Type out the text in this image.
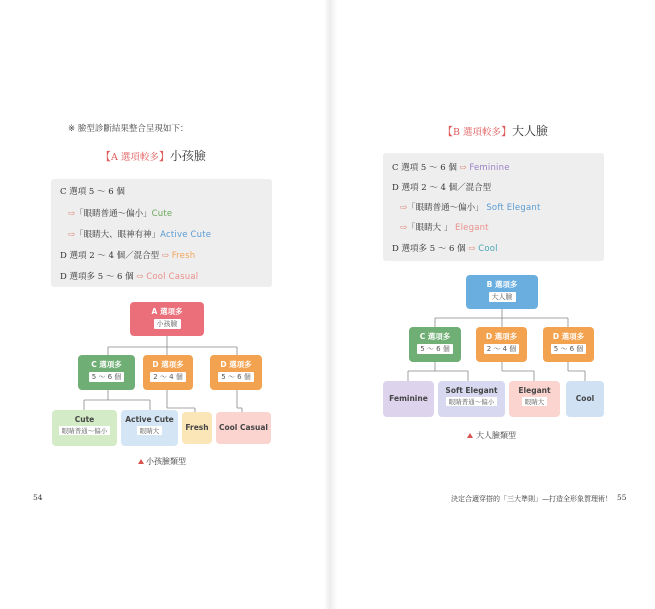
※ 臉型診斷結果整合呈現如下：
【A 選項較多】小孩臉
C 選項 5 ～ 6 個
⇨「眼睛普通～偏小」Cute
⇨「眼睛大、眼神有神」Active Cute
D 選項 2 ～ 4 個／混合型 ⇨ Fresh
D 選項多 5 ～ 6 個 ⇨ Cool Casual
A 選項多
小孩臉
C 選項多
5 ～ 6 個
D 選項多
2 ～ 4 個
D 選項多
5 ～ 6 個
Cute
眼睛普通～偏小
Active Cute
眼睛大	Fresh	Cool Casual
小孩臉類型
54
【B 選項較多】大人臉
C 選項 5 ～ 6 個 ⇨ Feminine
D 選項 2 ～ 4 個／混合型
⇨「眼睛普通～偏小」 Soft Elegant
⇨「眼睛大 」 Elegant
D 選項多 5 ～ 6 個 ⇨ Cool
B 選項多
大人臉
C 選項多
5 ～ 6 個
D 選項多
2 ～ 4 個
D 選項多
5 ～ 6 個
Feminine
Soft Elegant
眼睛普通～偏小
Elegant
眼睛大	Cool
大人臉類型
決定合適穿搭的「三大準則」—打造全形象質理術！ 55
